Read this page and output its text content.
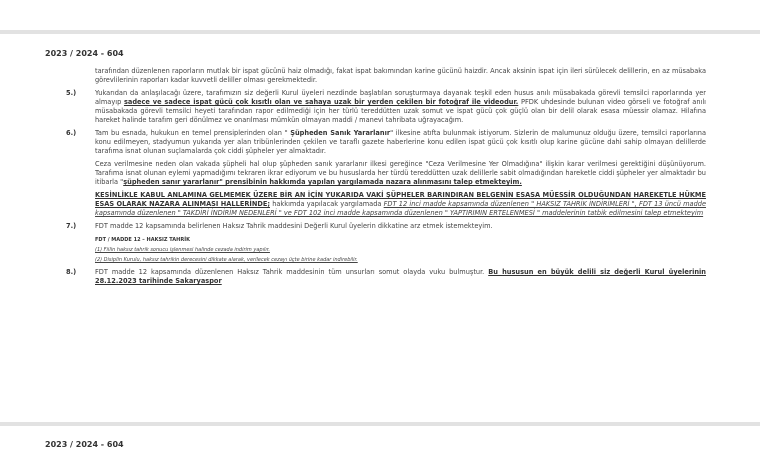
2023 / 2024 - 604
tarafından düzenlenen raporların mutlak bir ispat gücünü haiz olmadığı, fakat ispat bakımından karine gücünü haizdir. Ancak aksinin ispat için ileri sürülecek delillerin, en az müsabaka görevlilerinin raporları kadar kuvvetli deliller olması gerekmektedir.
5.)	Yukarıdan da anlaşılacağı üzere, tarafımızın siz değerli Kurul üyeleri nezdinde başlatılan soruşturmaya dayanak teşkil eden husus anılı müsabakada görevli temsilci raporlarında yer almayıp sadece ve sadece ispat gücü çok kısıtlı olan ve sahaya uzak bir yerden çekilen bir fotoğraf ile videodur. PFDK uhdesinde bulunan video görseli ve fotoğraf anılı müsabakada görevli temsilci heyeti tarafından rapor edilmediği için her türlü tereddütten uzak somut ve ispat gücü çok güçlü olan bir delil olarak esasa müessir olamaz. Hilafına hareket halinde tarafım geri dönülmez ve onarılması mümkün olmayan maddi / manevi tahribata uğrayacağım.
6.)	Tam bu esnada, hukukun en temel prensiplerinden olan " Şüpheden Sanık Yararlanır" ilkesine atıfta bulunmak istiyorum. Sizlerin de malumunuz olduğu üzere, temsilci raporlarına konu edilmeyen, stadyumun yukarıda yer alan tribünlerinden çekilen ve taraflı gazete haberlerine konu edilen ispat gücü çok kısıtlı olup karine gücüne dahi sahip olmayan delillerde tarafıma isnat olunan suçlamalarda çok ciddi şüpheler yer almaktadır.
Ceza verilmesine neden olan vakada şüpheli hal olup şüpheden sanık yararlanır ilkesi gereğince "Ceza Verilmesine Yer Olmadığına" ilişkin karar verilmesi gerektiğini düşünüyorum. Tarafıma isnat olunan eylemi yapmadığımı tekraren ikrar ediyorum ve bu hususlarda her türdü tereddütten uzak delillerle sabit olmadığından hareketle ciddi şüpheler yer almaktadır bu itibarla "şüpheden sanır yararlanır" prensibinin hakkımda yapılan yargılamada nazara alınmasını talep etmekteyim.
KESİNLİKLE KABUL ANLAMINA GELMEMEK ÜZERE BİR AN İÇİN YUKARIDA VAKİ ŞÜPHELER BARINDIRAN BELGENİN ESASA MÜESSİR OLDUĞUNDAN HAREKETLE HÜKME ESAS OLARAK NAZARA ALINMASI HALLERİNDE; hakkımda yapılacak yargılamada FDT 12 inci madde kapsamında düzenlenen " HAKSIZ TAHRİK İNDİRİMLERİ ", FDT 13 üncü madde kapsamında düzenlenen " TAKDİRİ İNDİRİM NEDENLERİ " ve FDT 102 inci madde kapsamında düzenlenen " YAPTIRIMIN ERTELENMESİ " maddelerinin tatbik edilmesini talep etmekteyim
7.)	FDT madde 12 kapsamında belirlenen Haksız Tahrik maddesini Değerli Kurul üyelerin dikkatine arz etmek istemekteyim.
FDT / MADDE 12 – HAKSIZ TAHRİK
(1) Fiilin haksız tahrik sonucu işlenmesi halinde cezada indirim yapılır.
(2) Disiplin Kurulu, haksız tahrikin derecesini dikkate alarak, verilecek cezayı üçte birine kadar indirebilir.
8.)	FDT madde 12 kapsamında düzenlenen Haksız Tahrik maddesinin tüm unsurları somut olayda vuku bulmuştur. Bu hususun en büyük delili siz değerli Kurul üyelerinin 28.12.2023 tarihinde Sakaryaspor
2023 / 2024 - 604
